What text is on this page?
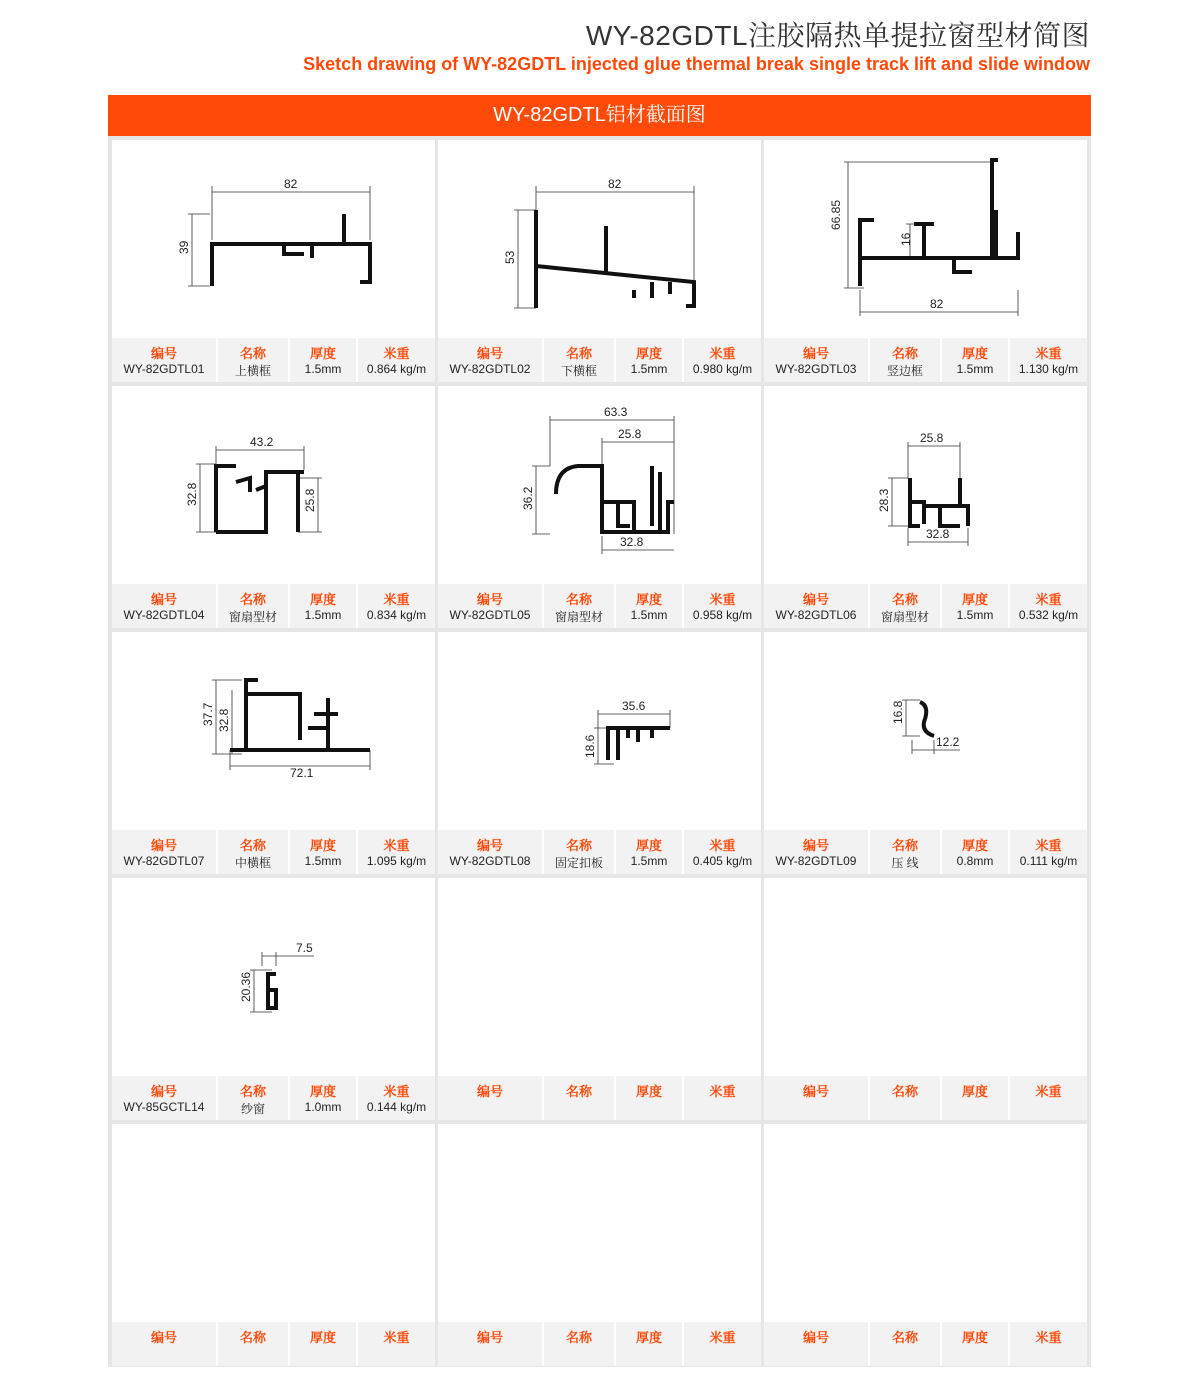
WY-82GDTL注胶隔热单提拉窗型材简图
Sketch drawing of WY-82GDTL injected glue thermal break single track lift and slide window
WY-82GDTL铝材截面图
82
39
编号
WY-82GDTL01
名称
上横框
厚度
1.5mm
米重
0.864 kg/m
82
53
编号
WY-82GDTL02
名称
下横框
厚度
1.5mm
米重
0.980 kg/m
66.85
16
82
编号
WY-82GDTL03
名称
竖边框
厚度
1.5mm
米重
1.130 kg/m
43.2
32.8	25.8
编号
WY-82GDTL04
名称
窗扇型材
厚度
1.5mm
米重
0.834 kg/m
63.3
25.8
36.2
32.8
编号
WY-82GDTL05
名称
窗扇型材
厚度
1.5mm
米重
0.958 kg/m
25.8
28.3
32.8
编号
WY-82GDTL06
名称
窗扇型材
厚度
1.5mm
米重
0.532 kg/m
37.7 32.8
72.1
编号
WY-82GDTL07
名称
中横框
厚度
1.5mm
米重
1.095 kg/m
35.6
18.6
编号
WY-82GDTL08
名称
固定扣板
厚度
1.5mm
米重
0.405 kg/m
16.8
12.2
编号
WY-82GDTL09
名称
压 线
厚度
0.8mm
米重
0.111 kg/m
7.5
20.36
编号
WY-85GCTL14
名称
纱窗
厚度
1.0mm
米重
0.144 kg/m
编号	名称	厚度	米重	编号	名称	厚度	米重
编号	名称	厚度	米重	编号	名称	厚度	米重	编号	名称	厚度	米重
